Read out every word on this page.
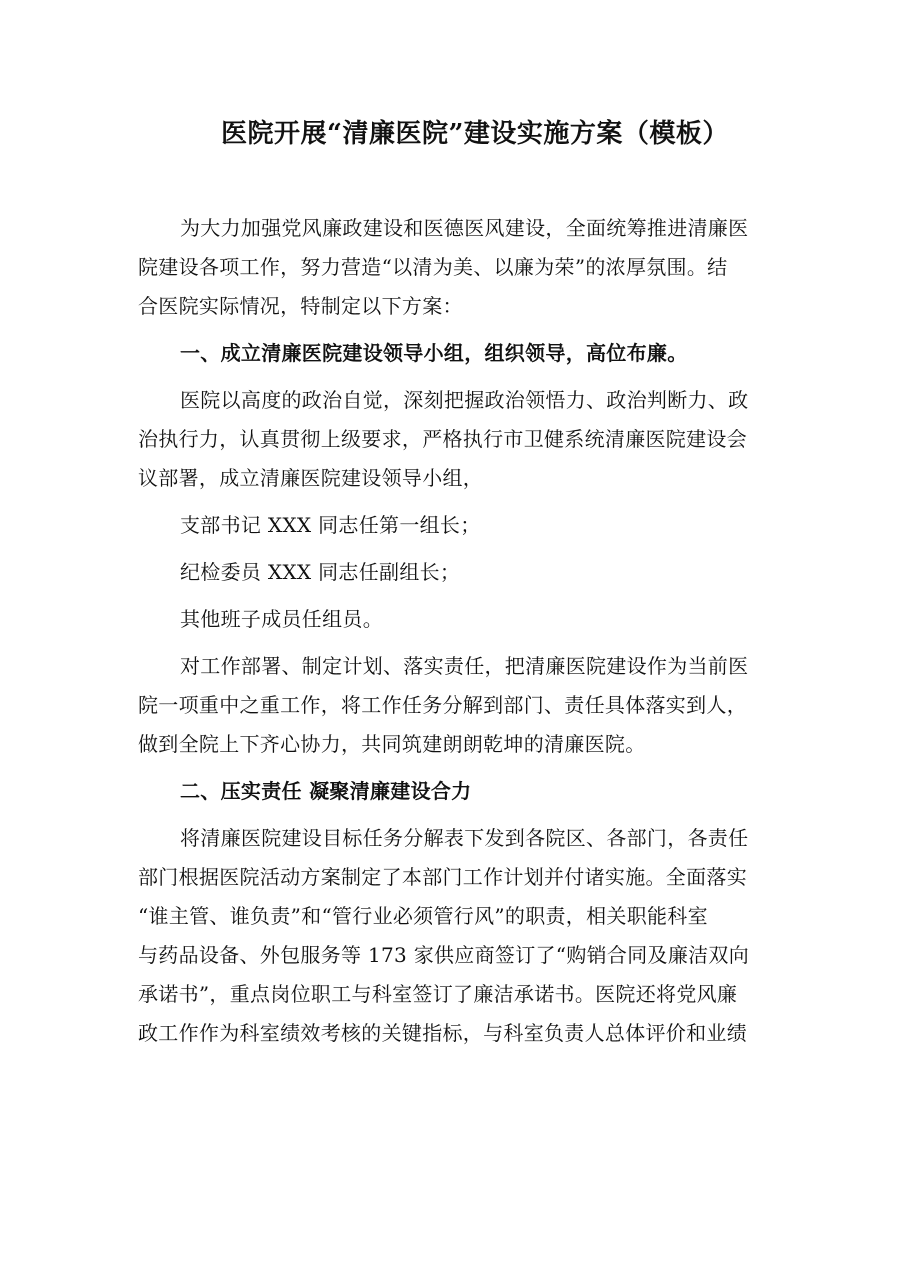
医院开展“清廉医院”建设实施方案（模板）
为大力加强党风廉政建设和医德医风建设，全面统筹推进清廉医
院建设各项工作，努力营造“以清为美、以廉为荣”的浓厚氛围。结
合医院实际情况，特制定以下方案：
一、成立清廉医院建设领导小组，组织领导，高位布廉。
医院以高度的政治自觉，深刻把握政治领悟力、政治判断力、政
治执行力，认真贯彻上级要求，严格执行市卫健系统清廉医院建设会
议部署，成立清廉医院建设领导小组，
支部书记 XXX 同志任第一组长；
纪检委员 XXX 同志任副组长；
其他班子成员任组员。
对工作部署、制定计划、落实责任，把清廉医院建设作为当前医
院一项重中之重工作，将工作任务分解到部门、责任具体落实到人，
做到全院上下齐心协力，共同筑建朗朗乾坤的清廉医院。
二、压实责任 凝聚清廉建设合力
将清廉医院建设目标任务分解表下发到各院区、各部门，各责任
部门根据医院活动方案制定了本部门工作计划并付诸实施。全面落实
“谁主管、谁负责”和“管行业必须管行风”的职责，相关职能科室
与药品设备、外包服务等 173 家供应商签订了“购销合同及廉洁双向
承诺书”，重点岗位职工与科室签订了廉洁承诺书。医院还将党风廉
政工作作为科室绩效考核的关键指标，与科室负责人总体评价和业绩
